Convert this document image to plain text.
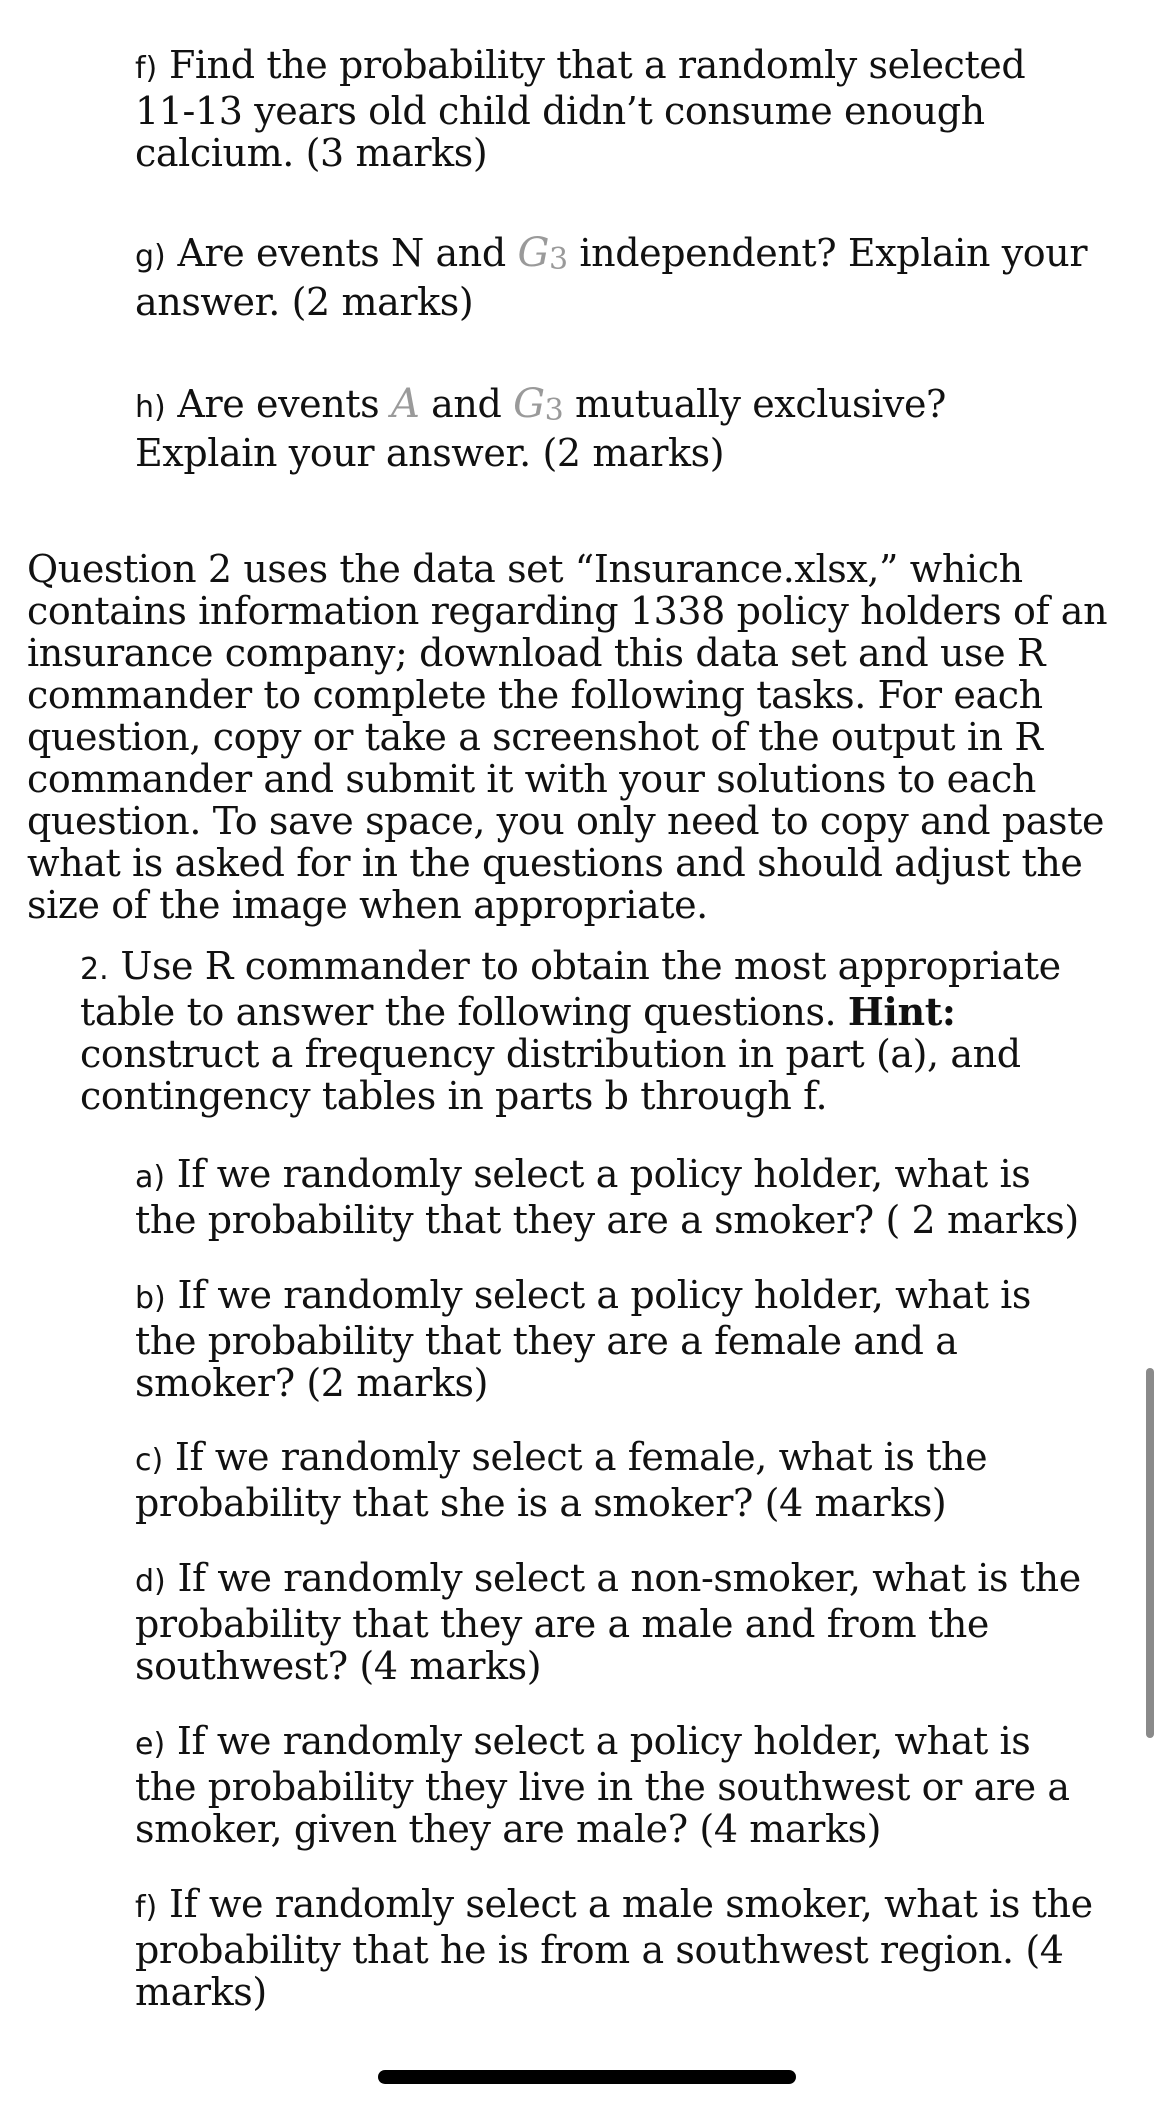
f) Find the probability that a randomly selected 11-13 years old child didn’t consume enough calcium. (3 marks)

g) Are events N and G3 independent? Explain your answer. (2 marks)

h) Are events A and G3 mutually exclusive? Explain your answer. (2 marks)

Question 2 uses the data set “Insurance.xlsx,” which contains information regarding 1338 policy holders of an insurance company; download this data set and use R commander to complete the following tasks. For each question, copy or take a screenshot of the output in R commander and submit it with your solutions to each question. To save space, you only need to copy and paste what is asked for in the questions and should adjust the size of the image when appropriate.

2. Use R commander to obtain the most appropriate table to answer the following questions. Hint: construct a frequency distribution in part (a), and contingency tables in parts b through f.

a) If we randomly select a policy holder, what is the probability that they are a smoker? ( 2 marks)

b) If we randomly select a policy holder, what is the probability that they are a female and a smoker? (2 marks)

c) If we randomly select a female, what is the probability that she is a smoker? (4 marks)

d) If we randomly select a non-smoker, what is the probability that they are a male and from the southwest? (4 marks)

e) If we randomly select a policy holder, what is the probability they live in the southwest or are a smoker, given they are male? (4 marks)

f) If we randomly select a male smoker, what is the probability that he is from a southwest region. (4 marks)
